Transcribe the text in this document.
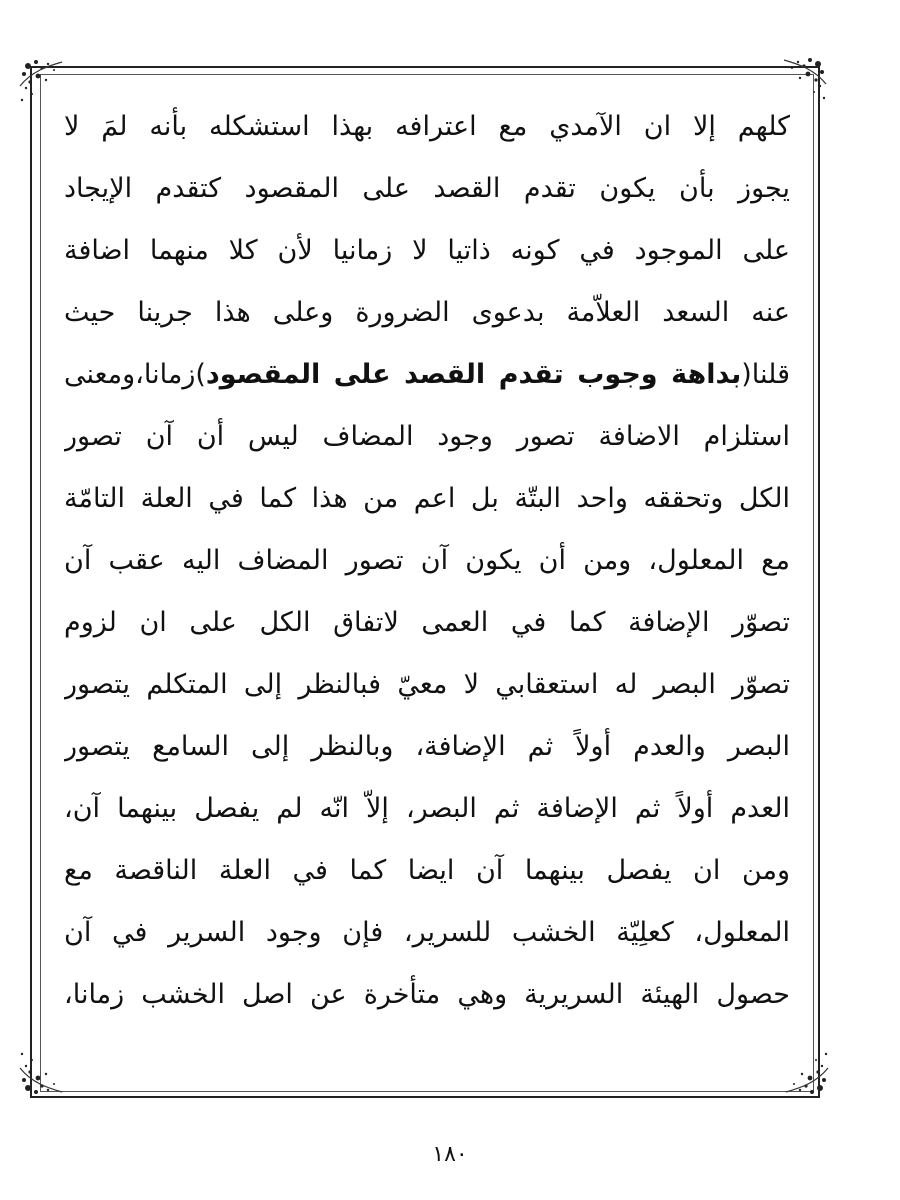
كلهم إلا ان الآمدي مع اعترافه بهذا استشكله بأنه لمَ لا
يجوز بأن يكون تقدم القصد على المقصود كتقدم الإيجاد
على الموجود في كونه ذاتيا لا زمانيا لأن كلا منهما اضافة
عنه السعد العلاّمة بدعوى الضرورة وعلى هذا جرينا حيث
قلنا(بداهة وجوب تقدم القصد على المقصود)زمانا،ومعنى
استلزام الاضافة تصور وجود المضاف ليس أن آن تصور
الكل وتحققه واحد البتّة بل اعم من هذا كما في العلة التامّة
مع المعلول، ومن أن يكون آن تصور المضاف اليه عقب آن
تصوّر الإضافة كما في العمى لاتفاق الكل على ان لزوم
تصوّر البصر له استعقابي لا معيّ فبالنظر إلى المتكلم يتصور
البصر والعدم أولاً ثم الإضافة، وبالنظر إلى السامع يتصور
العدم أولاً ثم الإضافة ثم البصر، إلاّ انّه لم يفصل بينهما آن،
ومن ان يفصل بينهما آن ايضا كما في العلة الناقصة مع
المعلول، كعلِيّة الخشب للسرير، فإن وجود السرير في آن
حصول الهيئة السريرية وهي متأخرة عن اصل الخشب زمانا،
١٨٠
